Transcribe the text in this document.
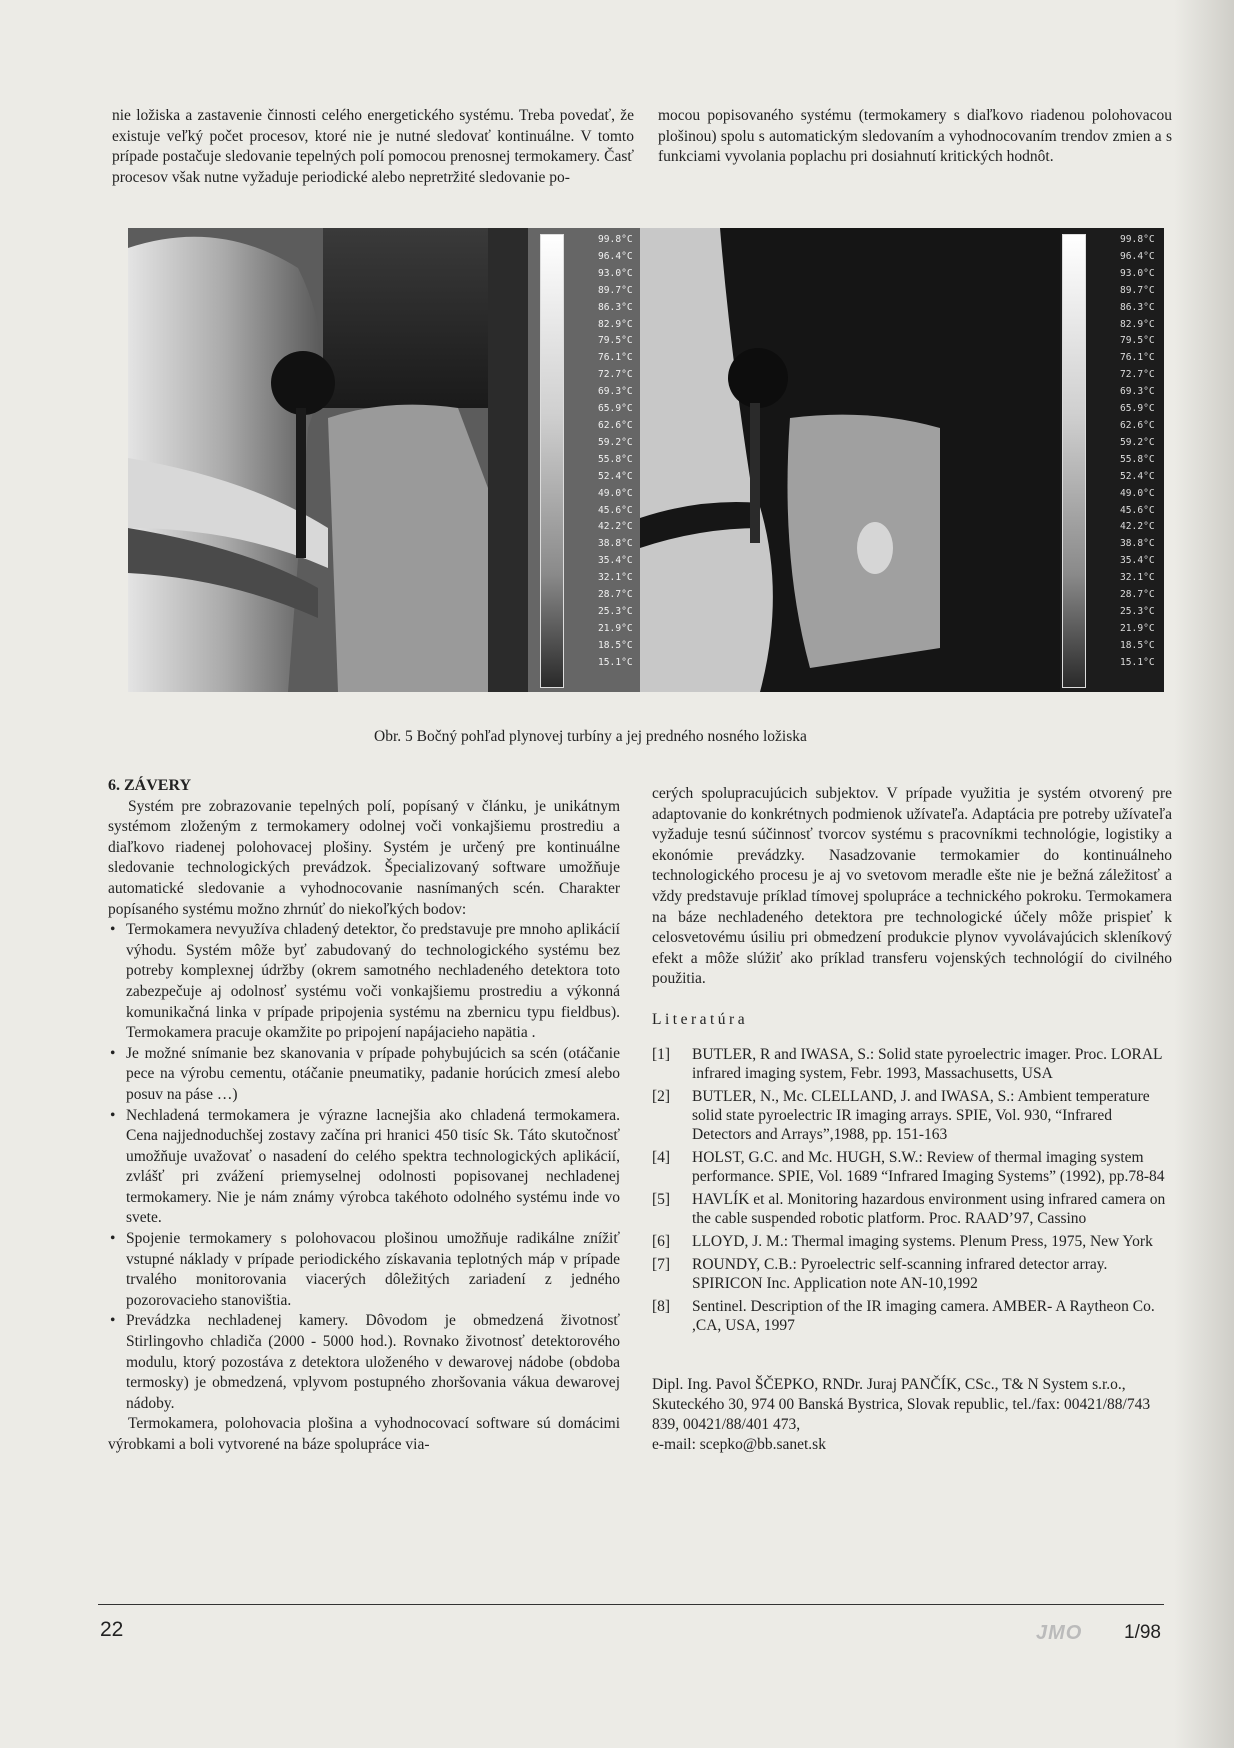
nie ložiska a zastavenie činnosti celého energetického systému. Treba povedať, že existuje veľký počet procesov, ktoré nie je nutné sledovať kontinuálne. V tomto prípade postačuje sledovanie tepelných polí pomocou prenosnej termokamery. Časť procesov však nutne vyžaduje periodické alebo nepretržité sledovanie po-

mocou popisovaného systému (termokamery s diaľkovo riadenou polohovacou plošinou) spolu s automatickým sledovaním a vyhodnocovaním trendov zmien a s funkciami vyvolania poplachu pri dosiahnutí kritických hodnôt.

99.8°C
96.4°C
93.0°C
89.7°C
86.3°C
82.9°C
79.5°C
76.1°C
72.7°C
69.3°C
65.9°C
62.6°C
59.2°C
55.8°C
52.4°C
49.0°C
45.6°C
42.2°C
38.8°C
35.4°C
32.1°C
28.7°C
25.3°C
21.9°C
18.5°C
15.1°C
99.8°C
96.4°C
93.0°C
89.7°C
86.3°C
82.9°C
79.5°C
76.1°C
72.7°C
69.3°C
65.9°C
62.6°C
59.2°C
55.8°C
52.4°C
49.0°C
45.6°C
42.2°C
38.8°C
35.4°C
32.1°C
28.7°C
25.3°C
21.9°C
18.5°C
15.1°C
Obr. 5 Bočný pohľad plynovej turbíny a jej predného nosného ložiska

6. ZÁVERY

Systém pre zobrazovanie tepelných polí, popísaný v článku, je unikátnym systémom zloženým z termokamery odolnej voči vonkajšiemu prostrediu a diaľkovo riadenej polohovacej plošiny. Systém je určený pre kontinuálne sledovanie technologických prevádzok. Špecializovaný software umožňuje automatické sledovanie a vyhodnocovanie nasnímaných scén. Charakter popísaného systému možno zhrnúť do niekoľkých bodov:

• Termokamera nevyužíva chladený detektor, čo predstavuje pre mnoho aplikácií výhodu. Systém môže byť zabudovaný do technologického systému bez potreby komplexnej údržby (okrem samotného nechladeného detektora toto zabezpečuje aj odolnosť systému voči vonkajšiemu prostrediu a výkonná komunikačná linka v prípade pripojenia systému na zbernicu typu fieldbus). Termokamera pracuje okamžite po pripojení napájacieho napätia .
• Je možné snímanie bez skanovania v prípade pohybujúcich sa scén (otáčanie pece na výrobu cementu, otáčanie pneumatiky, padanie horúcich zmesí alebo posuv na páse …)
• Nechladená termokamera je výrazne lacnejšia ako chladená termokamera. Cena najjednoduchšej zostavy začína pri hranici 450 tisíc Sk. Táto skutočnosť umožňuje uvažovať o nasadení do celého spektra technologických aplikácií, zvlášť pri zvážení priemyselnej odolnosti popisovanej nechladenej termokamery. Nie je nám známy výrobca takéhoto odolného systému inde vo svete.
• Spojenie termokamery s polohovacou plošinou umožňuje radikálne znížiť vstupné náklady v prípade periodického získavania teplotných máp v prípade trvalého monitorovania viacerých dôležitých zariadení z jedného pozorovacieho stanovištia.
• Prevádzka nechladenej kamery. Dôvodom je obmedzená životnosť Stirlingovho chladiča (2000 - 5000 hod.). Rovnako životnosť detektorového modulu, ktorý pozostáva z detektora uloženého v dewarovej nádobe (obdoba termosky) je obmedzená, vplyvom postupného zhoršovania vákua dewarovej nádoby.

Termokamera, polohovacia plošina a vyhodnocovací software sú domácimi výrobkami a boli vytvorené na báze spolupráce via-

cerých spolupracujúcich subjektov. V prípade využitia je systém otvorený pre adaptovanie do konkrétnych podmienok užívateľa. Adaptácia pre potreby užívateľa vyžaduje tesnú súčinnosť tvorcov systému s pracovníkmi technológie, logistiky a ekonómie prevádzky. Nasadzovanie termokamier do kontinuálneho technologického procesu je aj vo svetovom meradle ešte nie je bežná záležitosť a vždy predstavuje príklad tímovej spolupráce a technického pokroku. Termokamera na báze nechladeného detektora pre technologické účely môže prispieť k celosvetovému úsiliu pri obmedzení produkcie plynov vyvolávajúcich skleníkový efekt a môže slúžiť ako príklad transferu vojenských technológií do civilného použitia.

Literatúra

[1] BUTLER, R and IWASA, S.: Solid state pyroelectric imager. Proc. LORAL infrared imaging system, Febr. 1993, Massachusetts, USA
[2] BUTLER, N., Mc. CLELLAND, J. and IWASA, S.: Ambient temperature solid state pyroelectric IR imaging arrays. SPIE, Vol. 930, “Infrared Detectors and Arrays”,1988, pp. 151-163
[4] HOLST, G.C. and Mc. HUGH, S.W.: Review of thermal imaging system performance. SPIE, Vol. 1689 “Infrared Imaging Systems” (1992), pp.78-84
[5] HAVLÍK et al. Monitoring hazardous environment using infrared camera on the cable suspended robotic platform. Proc. RAAD’97, Cassino
[6] LLOYD, J. M.: Thermal imaging systems. Plenum Press, 1975, New York
[7] ROUNDY, C.B.: Pyroelectric self-scanning infrared detector array. SPIRICON Inc. Application note AN-10,1992
[8] Sentinel. Description of the IR imaging camera. AMBER- A Raytheon Co. ,CA, USA, 1997

Dipl. Ing. Pavol ŠČEPKO, RNDr. Juraj PANČÍK, CSc., T& N System s.r.o., Skuteckého 30, 974 00 Banská Bystrica, Slovak republic, tel./fax: 00421/88/743 839, 00421/88/401 473,
e-mail: scepko@bb.sanet.sk

22	JMO 1/98
